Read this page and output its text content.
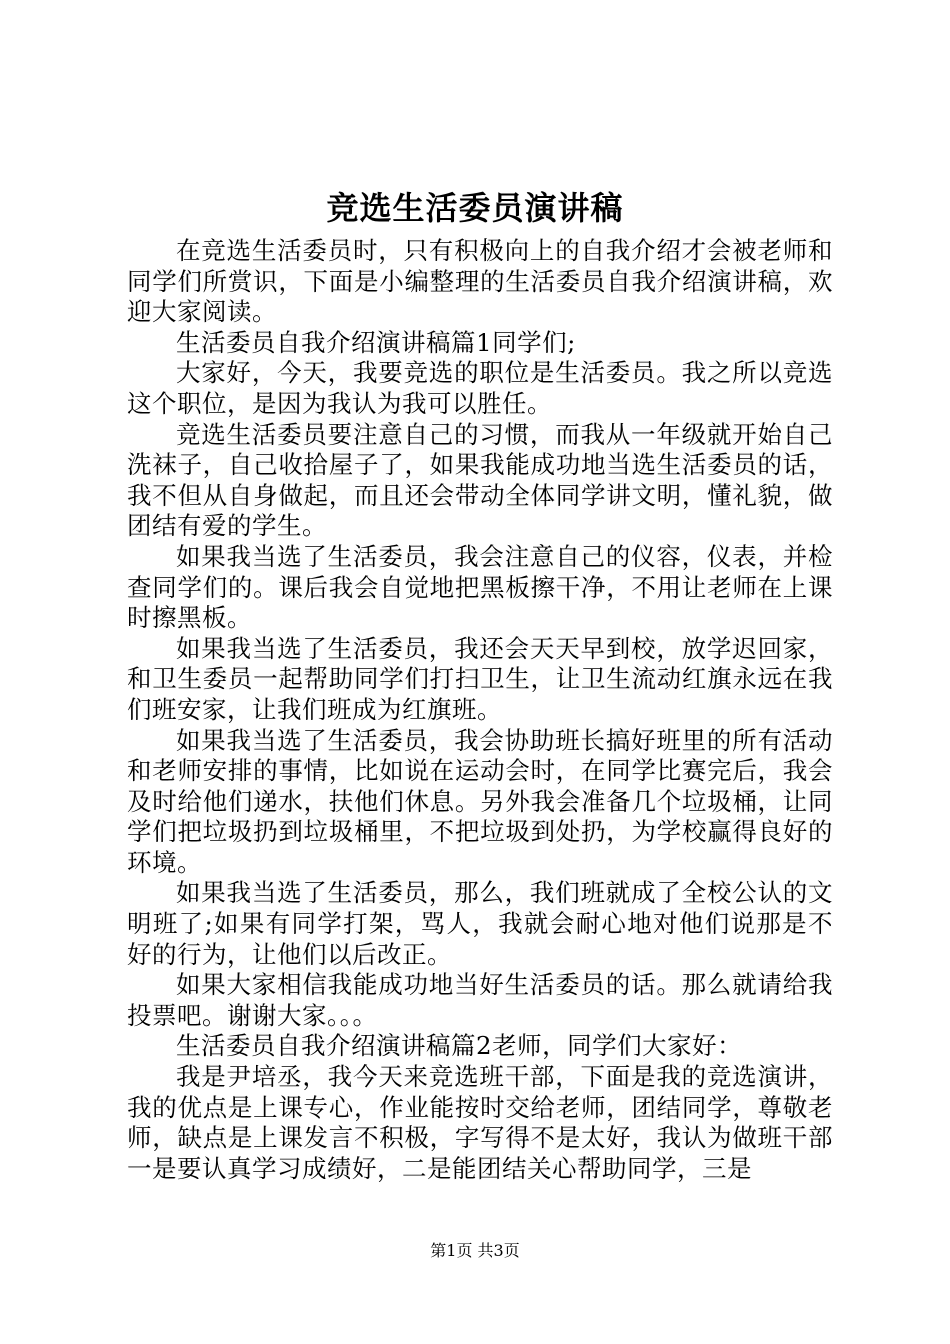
竞选生活委员演讲稿

在竞选生活委员时，只有积极向上的自我介绍才会被老师和同学们所赏识，下面是小编整理的生活委员自我介绍演讲稿，欢迎大家阅读。

生活委员自我介绍演讲稿篇1同学们;

大家好，今天，我要竞选的职位是生活委员。我之所以竞选这个职位，是因为我认为我可以胜任。

竞选生活委员要注意自己的习惯，而我从一年级就开始自己洗袜子，自己收拾屋子了，如果我能成功地当选生活委员的话，我不但从自身做起，而且还会带动全体同学讲文明，懂礼貌，做团结有爱的学生。

如果我当选了生活委员，我会注意自己的仪容，仪表，并检查同学们的。课后我会自觉地把黑板擦干净，不用让老师在上课时擦黑板。

如果我当选了生活委员，我还会天天早到校，放学迟回家，和卫生委员一起帮助同学们打扫卫生，让卫生流动红旗永远在我们班安家，让我们班成为红旗班。

如果我当选了生活委员，我会协助班长搞好班里的所有活动和老师安排的事情，比如说在运动会时，在同学比赛完后，我会及时给他们递水，扶他们休息。另外我会准备几个垃圾桶，让同学们把垃圾扔到垃圾桶里，不把垃圾到处扔，为学校赢得良好的环境。

如果我当选了生活委员，那么，我们班就成了全校公认的文明班了;如果有同学打架，骂人，我就会耐心地对他们说那是不好的行为，让他们以后改正。

如果大家相信我能成功地当好生活委员的话。那么就请给我投票吧。谢谢大家。。。

生活委员自我介绍演讲稿篇2老师，同学们大家好：

我是尹培丞，我今天来竞选班干部，下面是我的竞选演讲，我的优点是上课专心，作业能按时交给老师，团结同学，尊敬老师，缺点是上课发言不积极，字写得不是太好，我认为做班干部一是要认真学习成绩好，二是能团结关心帮助同学，三是

第1页 共3页
